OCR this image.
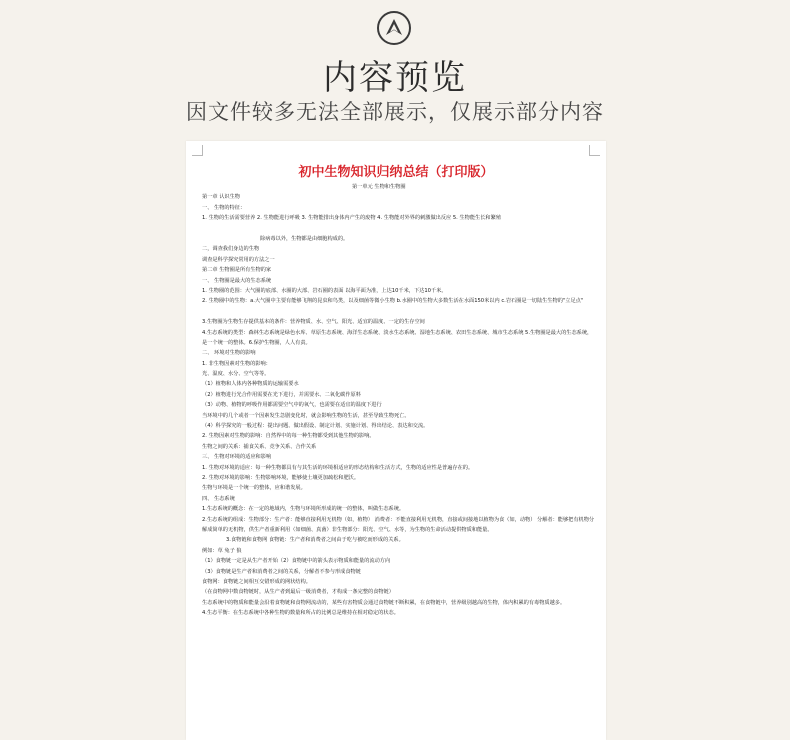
内容预览
因文件较多无法全部展示，仅展示部分内容
初中生物知识归纳总结（打印版）
第一单元 生物和生物圈
第一章 认识生物
一、 生物的特征：
1. 生物的生活需要营养 2. 生物能进行呼吸 3. 生物能排出身体内产生的废物 4. 生物能对外界的刺激做出反应 5. 生物能生长和繁殖
除病毒以外，生物都是由细胞构成的。
二，调查我们身边的生物
调查是科学探究常用的方法之一
第二章 生物圈是所有生物的家
一、 生物圈是最大的生态系统
1. 生物圈的范围：大气圈的底部、水圈的大部、岩石圈的表面 以海平面为准，上达10千米，下达10千米。
2. 生物圈中的生物：a.大气圈中主要有能够飞翔的昆虫和鸟类，以及细菌等微小生物 b.水圈中的生物大多数生活在水面150米以内 c.岩石圈是一切陆生生物的"立足点"
3.生物圈为生物生存提供基本的条件：营养物质、水、空气、阳光、适宜的温度、一定的生存空间
4.生态系统的类型：森林生态系统是绿色水库、草原生态系统、海洋生态系统、淡水生态系统、湿地生态系统、农田生态系统、城市生态系统 5.生物圈是最大的生态系统，是一个统一的整体。6.保护生物圈，人人有责。
二、 环境对生物的影响
1. 非生物因素对生物的影响：
光、温度、水分、空气等等。
（1）植物和人体内各种物质的运输需要水
（2）植物进行光合作用需要在光下进行，并需要水、二氧化碳作原料
（3）动物、植物的呼吸作用都需要空气中的氧气，也需要在适宜的温度下进行
当环境中的几个或者一个因素发生急剧变化时，就会影响生物的生活，甚至导致生物死亡。
（4）科学探究的一般过程：提出问题、做出假设、制定计划、实施计划、得出结论、表达和交流。
2. 生物因素对生物的影响：自然界中的每一种生物都受到其他生物的影响。
生物之间的关系：捕食关系、竞争关系、合作关系
三、 生物对环境的适应和影响
1. 生物对环境的适应：每一种生物都具有与其生活的环境相适应的形态结构和生活方式，生物的适应性是普遍存在的。
2. 生物对环境的影响：生物影响环境，能够使土壤更加疏松和肥沃。
生物与环境是一个统一的整体，应和谐发展。
四、 生态系统
1.生态系统的概念：在一定的地域内，生物与环境所形成的统一的整体，叫做生态系统。
2.生态系统的组成：生物部分：生产者：能够直接利用无机物（如，植物） 消费者：不能直接利用无机物，直接或间接地以植物为食（如，动物） 分解者：能够把有机物分解成简单的无机物，供生产者重新利用（如细菌、真菌）非生物部分：阳光、空气、水等，为生物的生命活动提供物质和能量。
3.食物链和食物网 食物链：生产者和消费者之间由于吃与被吃而形成的关系。
例如：草 兔子 狼
（1）食物链一定是从生产者开始（2）食物链中的箭头表示物质和能量的流动方向
（3）食物链是生产者和消费者之间的关系，分解者不参与形成食物链
食物网：食物链之间相互交错形成的网状结构。
（在食物网中数食物链时，从生产者到最后一级消费者，才构成一条完整的食物链）
生态系统中的物质和能量会沿着食物链和食物网流动的，某些有害物质会通过食物链不断积累，在食物链中，营养级别越高的生物，体内积累的有毒物质越多。
4.生态平衡：在生态系统中各种生物的数量和所占的比例总是维持在相对稳定的状态。
